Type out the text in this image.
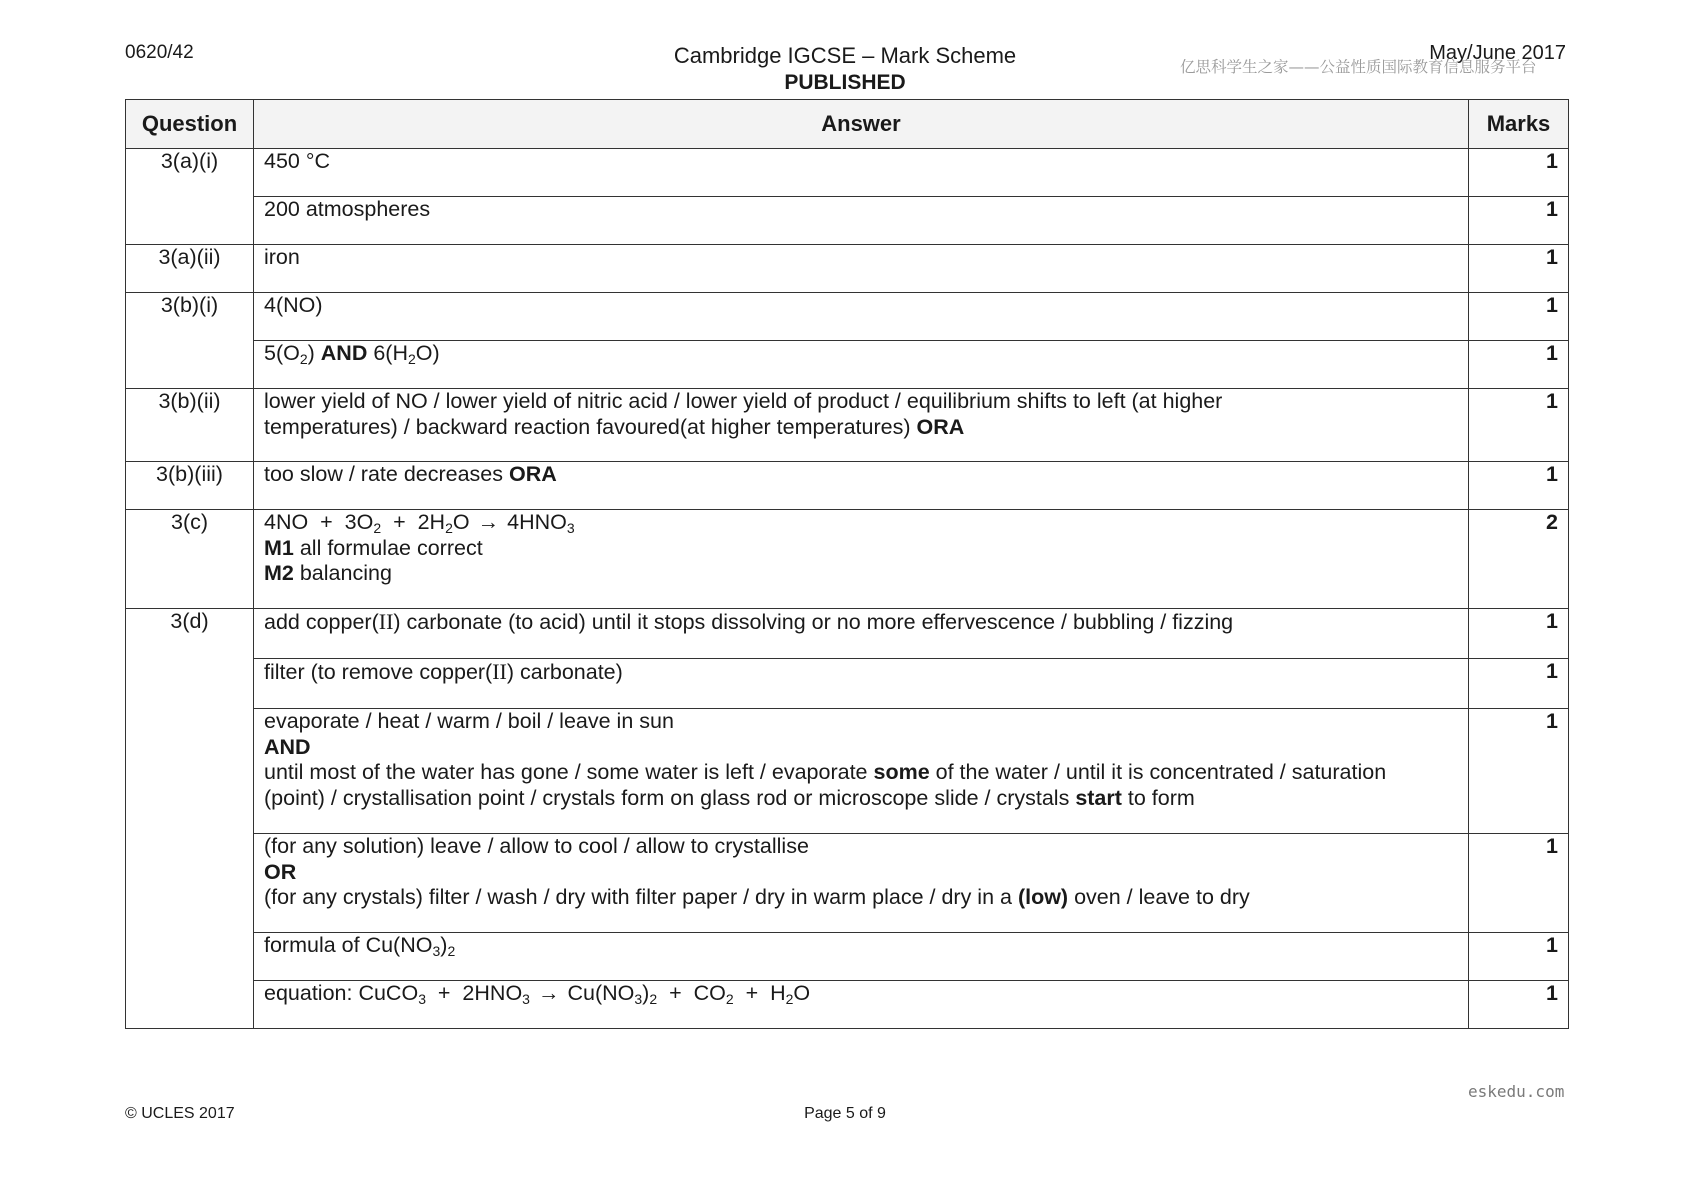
0620/42	Cambridge IGCSE – Mark Scheme
PUBLISHED
May/June 2017
亿思科学生之家——公益性质国际教育信息服务平台
Question	Answer	Marks
3(a)(i)	450 °C	1
	200 atmospheres	1
3(a)(ii)	iron	1
3(b)(i)	4(NO)	1
	$5(O_2)$ AND $6(H_2O)$	1
3(b)(ii)	lower yield of NO / lower yield of nitric acid / lower yield of product / equilibrium shifts to left (at higher
temperatures) / backward reaction favoured(at higher temperatures) ORA	1
3(b)(iii)	too slow / rate decreases ORA	1
3(c)	$4NO + 3O_2 + 2H_2O \to 4HNO_3$
M1 all formulae correct
M2 balancing	2
3(d)	add copper(II) carbonate (to acid) until it stops dissolving or no more effervescence / bubbling / fizzing	1
	filter (to remove copper(II) carbonate)	1

	evaporate / heat / warm / boil / leave in sun
AND
until most of the water has gone / some water is left / evaporate some of the water / until it is concentrated / saturation
(point) / crystallisation point / crystals form on glass rod or microscope slide / crystals start to form	1

	(for any solution) leave / allow to cool / allow to crystallise
OR
(for any crystals) filter / wash / dry with filter paper / dry in warm place / dry in a (low) oven / leave to dry	1
	formula of $Cu(NO_3)_2$	1
	equation: CuCO$_3$  +  $2HNO_3 \to Cu(NO_3)_2 + CO_2 + H_2O$	1
eskedu.com
© UCLES 2017	Page 5 of 9
